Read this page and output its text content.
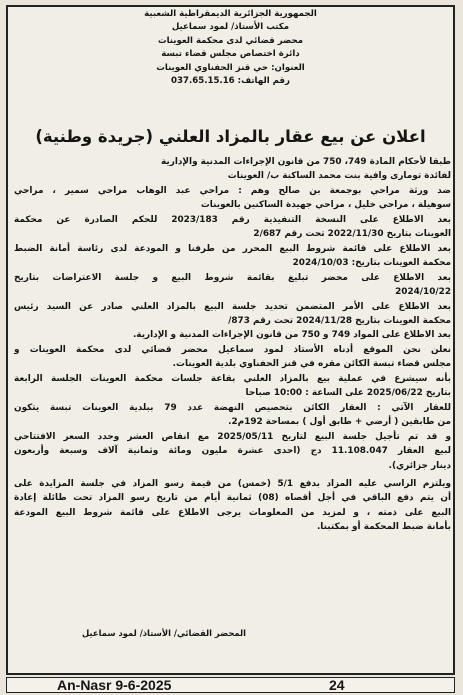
الجمهورية الجزائرية الديمقراطية الشعبية
مكتب الأستاذ/ لمود سماعيل
محضر قضائي لدى محكمة العوينات
دائرة اختصاص مجلس قضاء تبسة
العنوان: حي قنز الحفناوي العوينات
رقم الهاتف: 037.65.15.16
اعلان عن بيع عقار بالمزاد العلني (جريدة وطنية)
طبقا لأحكام المادة 749، 750 من قانون الإجراءات المدنية والإدارية
لفائدة تومارى وافية بنت محمد الساكنة ب/ العوينات
ضد ورثة مراحي بوجمعة بن صالح وهم : مراحي عبد الوهاب مراحي سمير ، مراحي
سوهيلة ، مراحي خليل ، مراحي جهيدة الساكنين بالعوينات
بعد الاطلاع على النسخة التنفيذية رقم 2023/183 للحكم الصادرة عن محكمة
العوينات بتاريخ 2022/11/30 تحت رقم 2/687
بعد الاطلاع على قائمة شروط البيع المحرر من طرفنا و المودعة لدى رئاسة أمانة الضبط
محكمة العوينات بتاريخ: 2024/10/03
بعد الاطلاع على محضر تبليغ بقائمة شروط البيع و جلسة الاعتراضات بتاريخ
2024/10/22
بعد الاطلاع على الأمر المتضمن تحديد جلسة البيع بالمزاد العلني صادر عن السيد رئيس
محكمة العوينات بتاريخ 2024/11/28 تحت رقم 873/
بعد الاطلاع على المواد 749 و 750 من قانون الإجراءات المدنية و الإدارية.
نعلن نحن الموقع أدناه الأستاذ لمود سماعيل محضر قضائي لدى محكمة العوينات و
مجلس قضاء تبسة الكائن مقره في قنز الحفناوي بلدية العوينات.
بأنه سيشرع في عملية بيع بالمزاد العلني بقاعة جلسات محكمة العوينات الجلسة الرابعة
بتاريخ 2025/06/22 على الساعة : 10:00 صباحا
للعقار الآتي : العقار الكائن بتحصيص النهضة عدد 79 ببلدية العوينات تبسة يتكون
من طابقين ( أرضي + طابق أول ) بمساحة 192م2.
و قد تم تأجيل جلسة البيع لتاريخ 2025/05/11 مع انقاص العشر وحدد السعر الافتتاحي
لبيع العقار 11.108.047 دج (احدى عشرة مليون ومائة وثمانية آلاف وسبعة وأربعون
دينار جزائري).
ويلتزم الراسي عليه المزاد بدفع 5/1 (خمس) من قيمة رسو المزاد في جلسة المزايدة على
أن يتم دفع الباقي في أجل أقصاه (08) ثمانية أيام من تاريخ رسو المزاد تحت طائلة إعادة
البيع على ذمته ، و لمزيد من المعلومات يرجى الاطلاع على قائمة شروط البيع المودعة
بأمانة ضبط المحكمة أو بمكتبنا.
المحضر القضائي/ الأستاذ/ لمود سماعيل
An-Nasr 9-6-2025	24
